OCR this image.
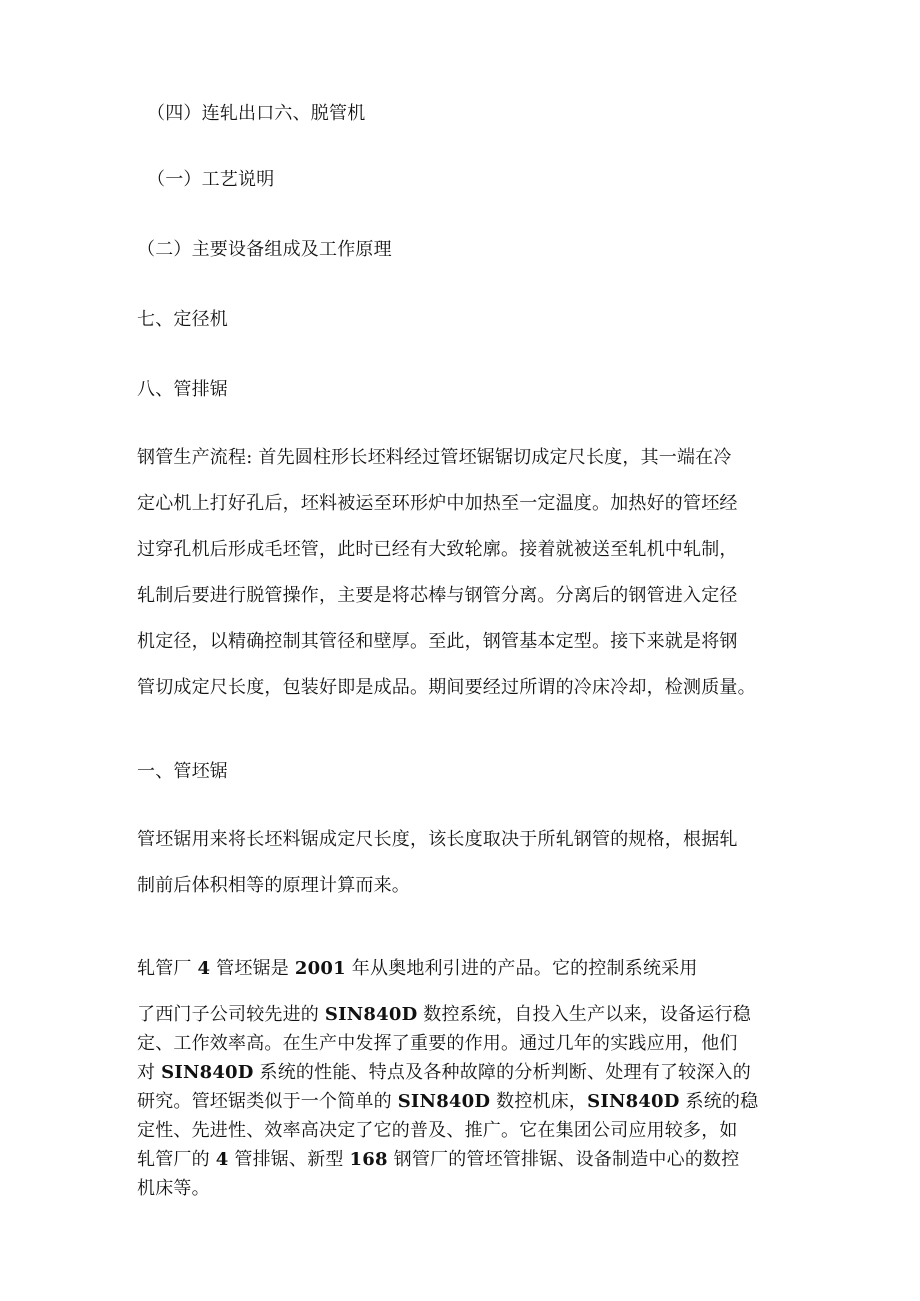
（四）连轧出口六、脱管机
（一）工艺说明
（二）主要设备组成及工作原理
七、定径机
八、管排锯
钢管生产流程: 首先圆柱形长坯料经过管坯锯锯切成定尺长度，其一端在冷
定心机上打好孔后，坯料被运至环形炉中加热至一定温度。加热好的管坯经
过穿孔机后形成毛坯管，此时已经有大致轮廓。接着就被送至轧机中轧制，
轧制后要进行脱管操作，主要是将芯棒与钢管分离。分离后的钢管进入定径
机定径，以精确控制其管径和壁厚。至此，钢管基本定型。接下来就是将钢
管切成定尺长度，包装好即是成品。期间要经过所谓的冷床冷却，检测质量。
一、管坯锯
管坯锯用来将长坯料锯成定尺长度，该长度取决于所轧钢管的规格，根据轧
制前后体积相等的原理计算而来。
轧管厂 4 管坯锯是 2001 年从奥地利引进的产品。它的控制系统采用
了西门子公司较先进的 SIN840D 数控系统，自投入生产以来，设备运行稳
定、工作效率高。在生产中发挥了重要的作用。通过几年的实践应用，他们
对 SIN840D 系统的性能、特点及各种故障的分析判断、处理有了较深入的
研究。管坯锯类似于一个简单的 SIN840D 数控机床，SIN840D 系统的稳
定性、先进性、效率高决定了它的普及、推广。它在集团公司应用较多，如
轧管厂的 4 管排锯、新型 168 钢管厂的管坯管排锯、设备制造中心的数控
机床等。
